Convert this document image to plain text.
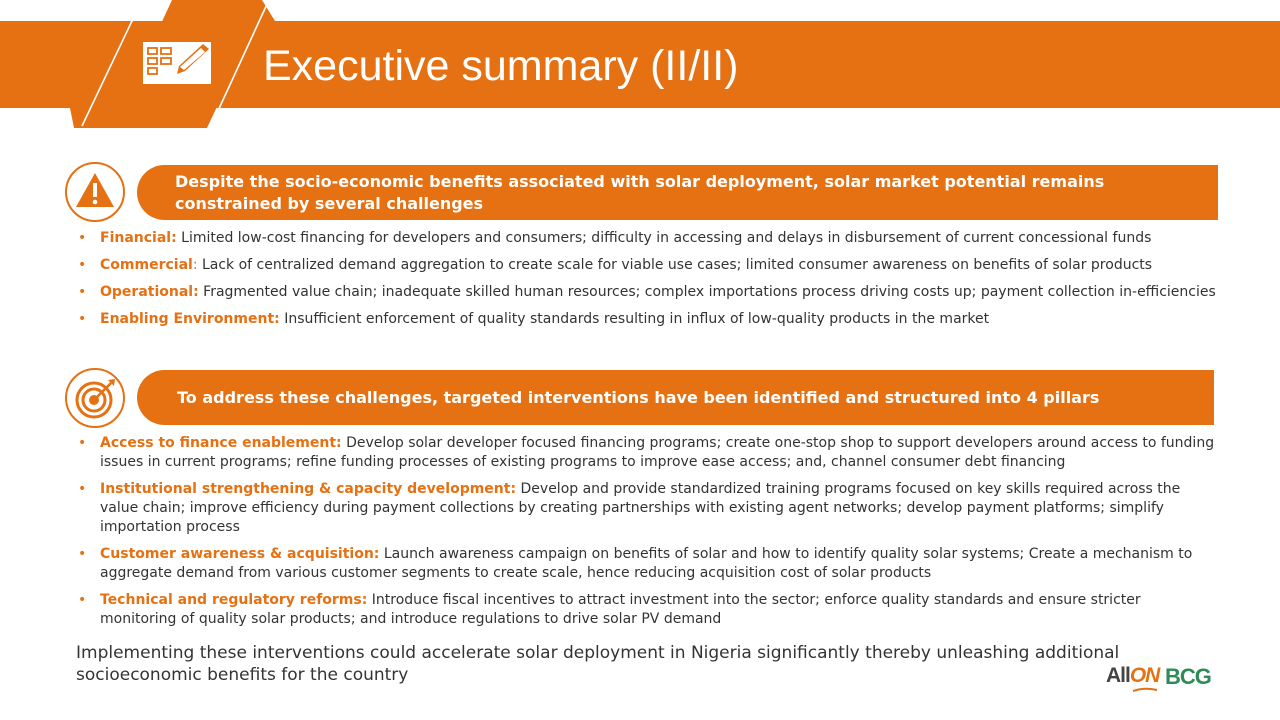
Executive summary (II/II)
Despite the socio-economic benefits associated with solar deployment, solar market potential remains constrained by several challenges
• Financial: Limited low-cost financing for developers and consumers; difficulty in accessing and delays in disbursement of current concessional funds
• Commercial: Lack of centralized demand aggregation to create scale for viable use cases; limited consumer awareness on benefits of solar products
• Operational: Fragmented value chain; inadequate skilled human resources; complex importations process driving costs up; payment collection in-efficiencies
• Enabling Environment: Insufficient enforcement of quality standards resulting in influx of low-quality products in the market
To address these challenges, targeted interventions have been identified and structured into 4 pillars
• Access to finance enablement: Develop solar developer focused financing programs; create one-stop shop to support developers around access to funding issues in current programs; refine funding processes of existing programs to improve ease access; and, channel consumer debt financing
• Institutional strengthening & capacity development: Develop and provide standardized training programs focused on key skills required across the value chain; improve efficiency during payment collections by creating partnerships with existing agent networks; develop payment platforms; simplify importation process
• Customer awareness & acquisition: Launch awareness campaign on benefits of solar and how to identify quality solar systems; Create a mechanism to aggregate demand from various customer segments to create scale, hence reducing acquisition cost of solar products
• Technical and regulatory reforms: Introduce fiscal incentives to attract investment into the sector; enforce quality standards and ensure stricter monitoring of quality solar products; and introduce regulations to drive solar PV demand

Implementing these interventions could accelerate solar deployment in Nigeria significantly thereby unleashing additional socioeconomic benefits for the country	AllON BCG
